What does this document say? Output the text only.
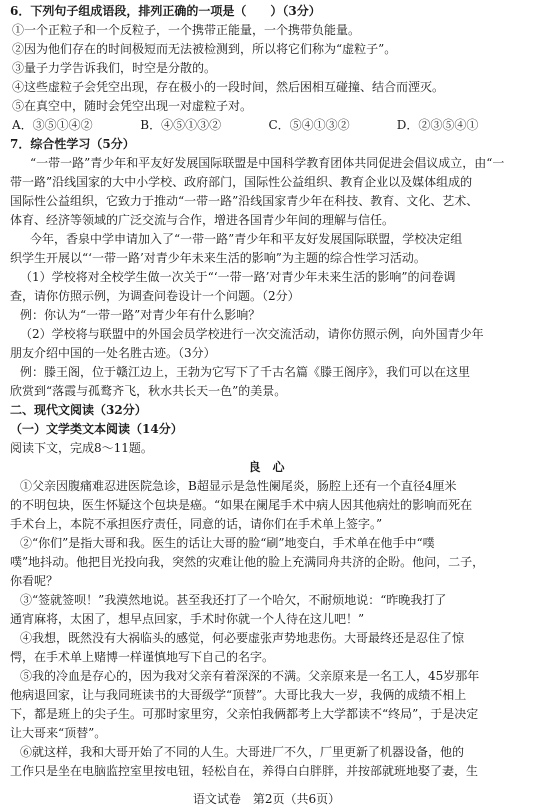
6．下列句子组成语段，排列正确的一项是（　　）（3分）
①一个正粒子和一个反粒子，一个携带正能量，一个携带负能量。
②因为他们存在的时间极短而无法被检测到，所以将它们称为“虚粒子”。
③量子力学告诉我们，时空是分散的。
④这些虚粒子会凭空出现，存在极小的一段时间，然后困相互碰撞、结合而湮灭。
⑤在真空中，随时会凭空出现一对虚粒子对。
A．③⑤①④②	B．④⑤①③②	C．⑤④①③②	D．②③⑤④①
7．综合性学习（5分）
“一带一路”青少年和平友好发展国际联盟是中国科学教育团体共同促进会倡议成立，由“一
带一路”沿线国家的大中小学校、政府部门，国际性公益组织、教育企业以及媒体组成的
国际性公益组织，它致力于推动“一带一路”沿线国家青少年在科技、教育、文化、艺术、
体育、经济等领域的广泛交流与合作，增进各国青少年间的理解与信任。
今年，香泉中学申请加入了“一带一路”青少年和平友好发展国际联盟，学校决定组
织学生开展以“‘一带一路’对青少年未来生活的影响”为主题的综合性学习活动。
（1）学校将对全校学生做一次关于“‘一带一路’对青少年未来生活的影响”的问卷调
查，请你仿照示例，为调查问卷设计一个问题。（2分）
例：你认为“一带一路”对青少年有什么影响？
（2）学校将与联盟中的外国会员学校进行一次交流活动，请你仿照示例，向外国青少年
朋友介绍中国的一处名胜古迹。（3分）
例：滕王阁，位于赣江边上，王勃为它写下了千古名篇《滕王阁序》，我们可以在这里
欣赏到“落霞与孤鹜齐飞，秋水共长天一色”的美景。
二、现代文阅读（32分）
（一）文学类文本阅读（14分）
阅读下文，完成8～11题。
良　心
①父亲因腹痛难忍进医院急诊，B超显示是急性阑尾炎，肠腔上还有一个直径4厘米
的不明包块，医生怀疑这个包块是癌。“如果在阑尾手术中病人因其他病灶的影响而死在
手术台上，本院不承担医疗责任，同意的话，请你们在手术单上签字。”
②“你们”是指大哥和我。医生的话让大哥的脸“刷”地变白，手术单在他手中“噗
噗”地抖动。他把目光投向我，突然的灾难让他的脸上充满同舟共济的企盼。他问，二子，
你看呢？
③“签就签呗！”我漠然地说。甚至我还打了一个哈欠，不耐烦地说：“昨晚我打了
通宵麻将，太困了，想早点回家，手术时你就一个人待在这儿吧！”
④我想，既然没有大祸临头的感觉，何必要虚张声势地悲伤。大哥最终还是忍住了惊
愕，在手术单上赌博一样谨慎地写下自己的名字。
⑤我的冷血是存心的，因为我对父亲有着深深的不满。父亲原来是一名工人，45岁那年
他病退回家，让与我同班读书的大哥级学“顶替”。大哥比我大一岁，我俩的成绩不相上
下，都是班上的尖子生。可那时家里穷，父亲怕我俩都考上大学都读不“终局”，于是决定
让大哥来“顶替”。
⑥就这样，我和大哥开始了不同的人生。大哥进厂不久，厂里更新了机器设备，他的
工作只是坐在电脑监控室里按电钮，轻松自在，养得白白胖胖，并按部就班地娶了妻，生
语文试卷　第2页（共6页）
